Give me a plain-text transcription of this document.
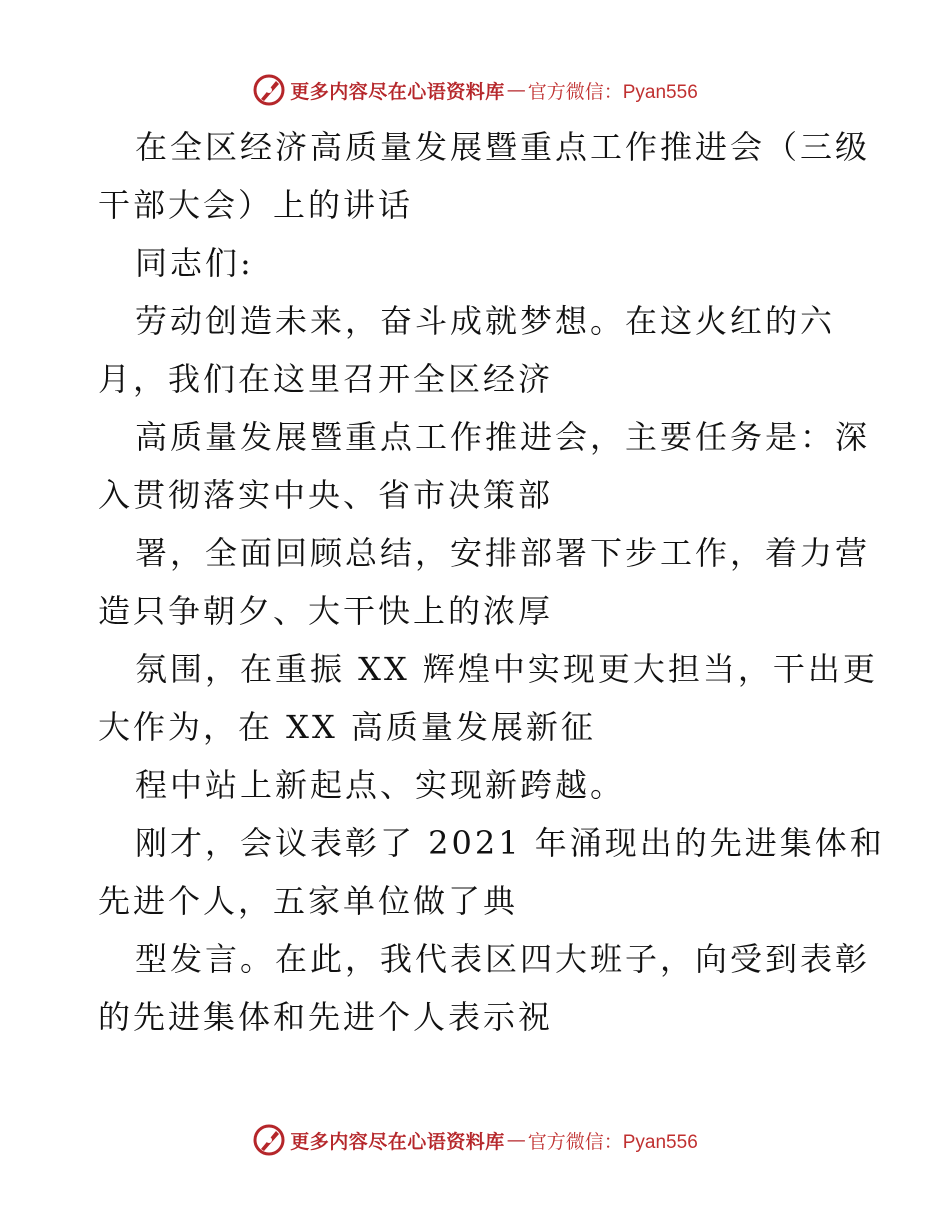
更多内容尽在心语资料库 — 官方微信：Pyan556
在全区经济高质量发展暨重点工作推进会（三级
干部大会）上的讲话
同志们:
劳动创造未来，奋斗成就梦想。在这火红的六
月，我们在这里召开全区经济
高质量发展暨重点工作推进会，主要任务是：深
入贯彻落实中央、省市决策部
署，全面回顾总结，安排部署下步工作，着力营
造只争朝夕、大干快上的浓厚
氛围，在重振 XX 辉煌中实现更大担当，干出更
大作为，在 XX 高质量发展新征
程中站上新起点、实现新跨越。
刚才，会议表彰了 2021 年涌现出的先进集体和
先进个人，五家单位做了典
型发言。在此，我代表区四大班子，向受到表彰
的先进集体和先进个人表示祝
更多内容尽在心语资料库 — 官方微信：Pyan556
